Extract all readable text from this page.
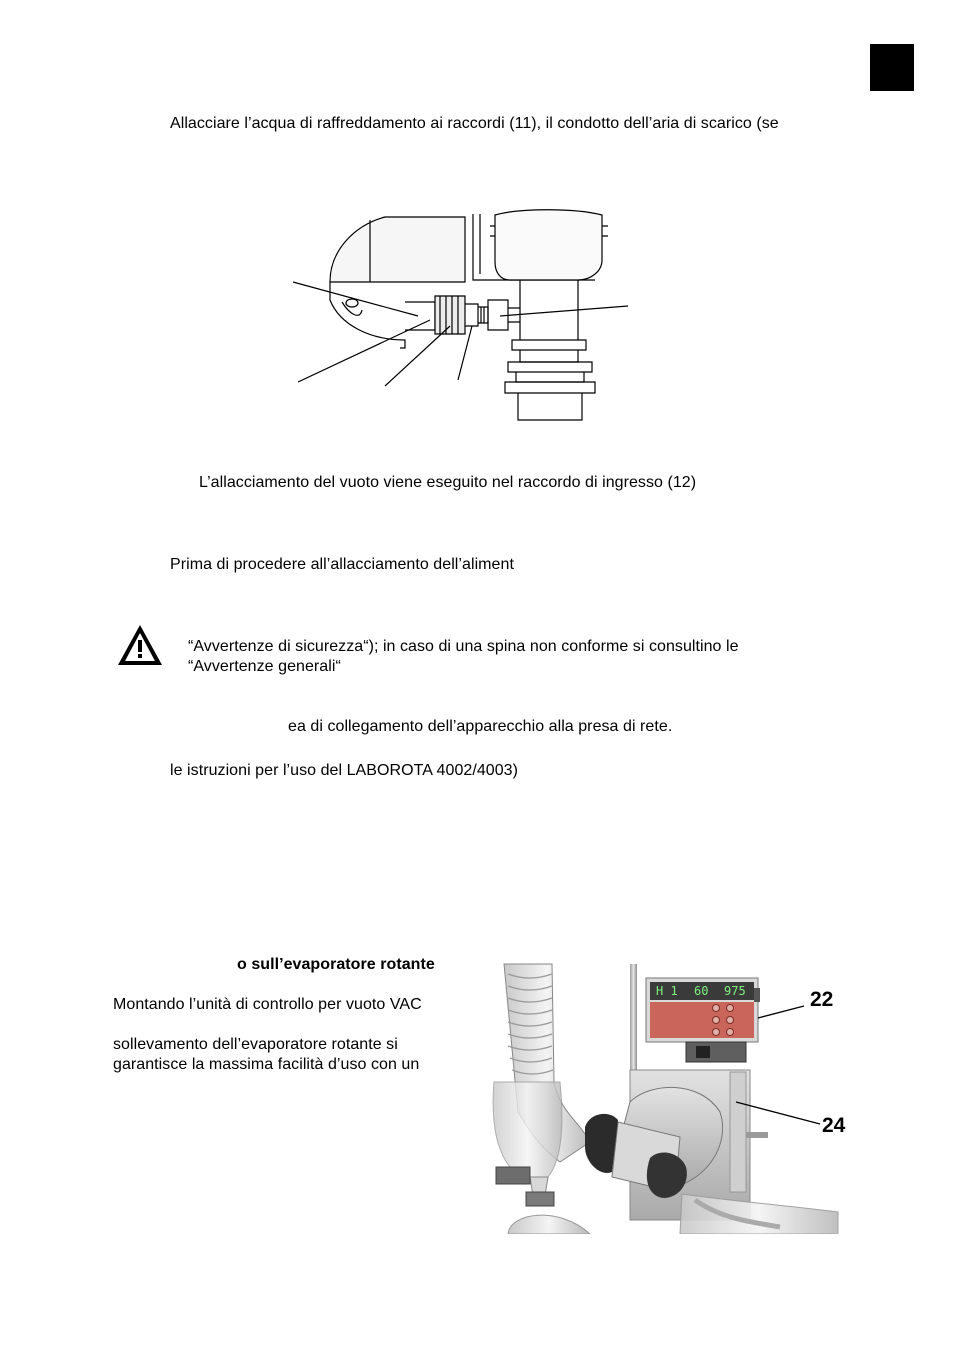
Allacciare l’acqua di raffreddamento ai raccordi (11), il condotto dell’aria di scarico (se
L’allacciamento del vuoto viene eseguito nel raccordo di ingresso (12)
Prima di procedere all’allacciamento dell’aliment
“Avvertenze di sicurezza“); in caso di una spina non conforme si consultino le
“Avvertenze generali“
ea di collegamento dell’apparecchio alla presa di rete.
le istruzioni per l’uso del LABOROTA 4002/4003)
o sull’evaporatore rotante
Montando l’unità di controllo per vuoto VAC
sollevamento dell’evaporatore rotante si
garantisce la massima facilità d’uso con un
H 1 60 975	22
24
